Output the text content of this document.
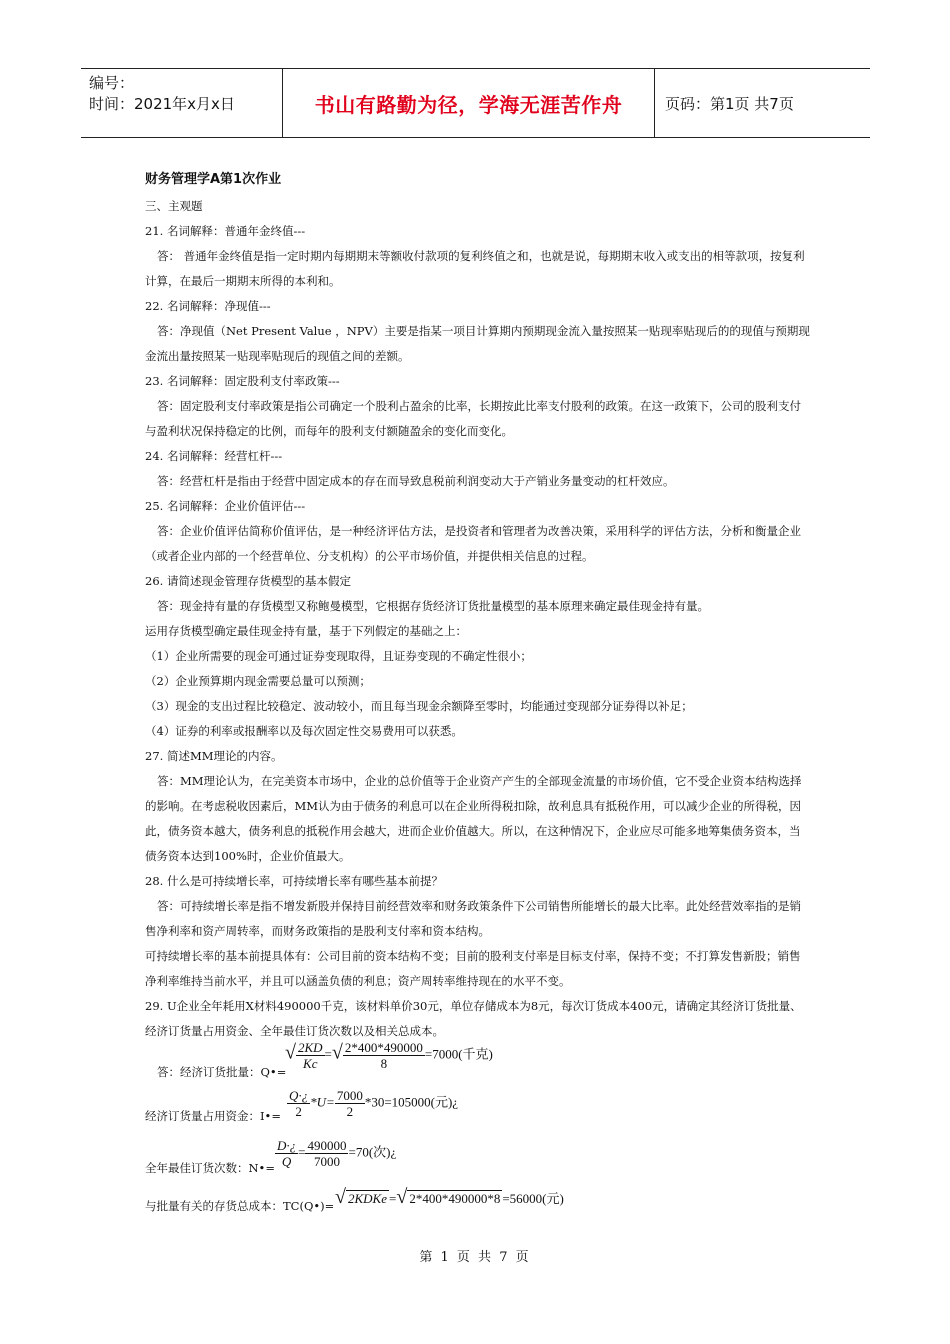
编号：
时间：2021年x月x日	书山有路勤为径，学海无涯苦作舟	页码：第1页 共7页

财务管理学A第1次作业

三、主观题

21. 名词解释：普通年金终值---

答： 普通年金终值是指一定时期内每期期末等额收付款项的复利终值之和，也就是说，每期期末收入或支出的相等款项，按复利计算，在最后一期期末所得的本利和。

22. 名词解释：净现值---

答：净现值（Net Present Value ，NPV）主要是指某一项目计算期内预期现金流入量按照某一贴现率贴现后的的现值与预期现金流出量按照某一贴现率贴现后的现值之间的差额。

23. 名词解释：固定股利支付率政策---

答：固定股利支付率政策是指公司确定一个股利占盈余的比率，长期按此比率支付股利的政策。在这一政策下，公司的股利支付与盈利状况保持稳定的比例，而每年的股利支付额随盈余的变化而变化。

24. 名词解释：经营杠杆---

答：经营杠杆是指由于经营中固定成本的存在而导致息税前利润变动大于产销业务量变动的杠杆效应。

25. 名词解释：企业价值评估---

答：企业价值评估简称价值评估，是一种经济评估方法，是投资者和管理者为改善决策，采用科学的评估方法，分析和衡量企业（或者企业内部的一个经营单位、分支机构）的公平市场价值，并提供相关信息的过程。

26. 请简述现金管理存货模型的基本假定

答：现金持有量的存货模型又称鲍曼模型，它根据存货经济订货批量模型的基本原理来确定最佳现金持有量。

运用存货模型确定最佳现金持有量，基于下列假定的基础之上：

（1）企业所需要的现金可通过证券变现取得，且证券变现的不确定性很小；

（2）企业预算期内现金需要总量可以预测；

（3）现金的支出过程比较稳定、波动较小，而且每当现金余额降至零时，均能通过变现部分证券得以补足；

（4）证券的利率或报酬率以及每次固定性交易费用可以获悉。

27. 简述MM理论的内容。

答：MM理论认为，在完美资本市场中，企业的总价值等于企业资产产生的全部现金流量的市场价值，它不受企业资本结构选择的影响。在考虑税收因素后，MM认为由于债务的利息可以在企业所得税扣除，故利息具有抵税作用，可以减少企业的所得税，因此，债务资本越大，债务利息的抵税作用会越大，进而企业价值越大。所以，在这种情况下，企业应尽可能多地筹集债务资本，当债务资本达到100%时，企业价值最大。

28. 什么是可持续增长率，可持续增长率有哪些基本前提？

答：可持续增长率是指不增发新股并保持目前经营效率和财务政策条件下公司销售所能增长的最大比率。此处经营效率指的是销售净利率和资产周转率，而财务政策指的是股利支付率和资本结构。

可持续增长率的基本前提具体有：公司目前的资本结构不变；目前的股利支付率是目标支付率，保持不变；不打算发售新股；销售净利率维持当前水平，并且可以涵盖负债的利息；资产周转率维持现在的水平不变。

29. U企业全年耗用X材料490000千克，该材料单价30元，单位存储成本为8元，每次订货成本400元，请确定其经济订货批量、经济订货量占用资金、全年最佳订货次数以及相关总成本。

答：经济订货批量：Q•=
√ $\frac{2KD}{Kc}$ =√ $\frac{2*400*490000}{8} =7000$(千克)
经济订货量占用资金：I•= $\frac{Q\cdot¿}{2} *U= \frac{7000}{2} *30=105000$(元)¿
全年最佳订货次数：N•= $\frac{D\cdot¿}{Q} = \frac{490000}{7000} =70$(次)¿
与批量有关的存货总成本：TC(Q•)= √ 2KDKe =√ 2*400*490000*8 =56000(元)
第 1 页 共 7 页
